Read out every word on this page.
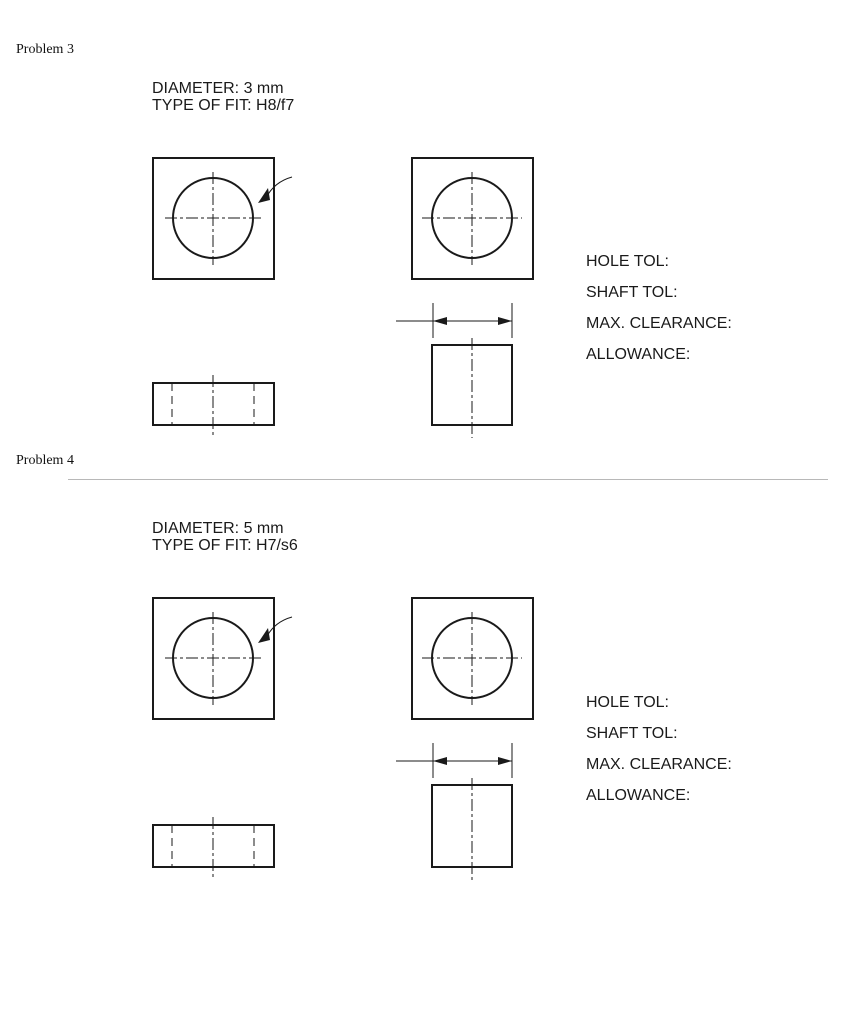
Problem 3
DIAMETER: 3 mm
TYPE OF FIT: H8/f7
HOLE TOL:
SHAFT TOL:
MAX. CLEARANCE:
ALLOWANCE:
Problem 4
DIAMETER: 5 mm
TYPE OF FIT: H7/s6
HOLE TOL:
SHAFT TOL:
MAX. CLEARANCE:
ALLOWANCE:
